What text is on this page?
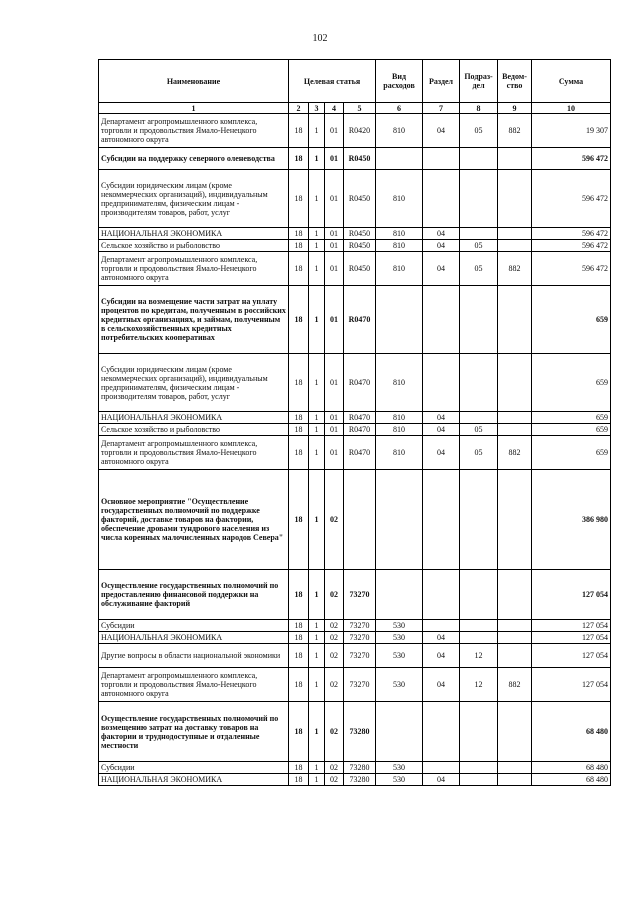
102
Наименование	Целевая статья				Вид расходов	Раздел	Подраз-дел	Ведом-ство	Сумма
1	2	3	4	5	6	7	8	9	10
Департамент агропромышленного комплекса, торговли и продовольствия Ямало-Ненецкого автономного округа	18	1	01	R0420	810	04	05	882	19 307
Субсидии на поддержку северного оленеводства	18	1	01	R0450					596 472
Субсидии юридическим лицам (кроме некоммерческих организаций), индивидуальным предпринимателям, физическим лицам - производителям товаров, работ, услуг	18	1	01	R0450	810				596 472
НАЦИОНАЛЬНАЯ ЭКОНОМИКА	18	1	01	R0450	810	04			596 472
Сельское хозяйство и рыболовство	18	1	01	R0450	810	04	05		596 472
Департамент агропромышленного комплекса, торговли и продовольствия Ямало-Ненецкого автономного округа	18	1	01	R0450	810	04	05	882	596 472
Субсидии на возмещение части затрат на уплату процентов по кредитам, полученным в российских кредитных организациях, и займам, полученным в сельскохозяйственных кредитных потребительских кооперативах	18	1	01	R0470					659
Субсидии юридическим лицам (кроме некоммерческих организаций), индивидуальным предпринимателям, физическим лицам - производителям товаров, работ, услуг	18	1	01	R0470	810				659
НАЦИОНАЛЬНАЯ ЭКОНОМИКА	18	1	01	R0470	810	04			659
Сельское хозяйство и рыболовство	18	1	01	R0470	810	04	05		659
Департамент агропромышленного комплекса, торговли и продовольствия Ямало-Ненецкого автономного округа	18	1	01	R0470	810	04	05	882	659
Основное мероприятие "Осуществление государственных полномочий по поддержке факторий, доставке товаров на фактории, обеспечение дровами тундрового населения из числа коренных малочисленных народов Севера"	18	1	02						386 980
Осуществление государственных полномочий по предоставлению финансовой поддержки на обслуживание факторий	18	1	02	73270					127 054
Субсидии	18	1	02	73270	530				127 054
НАЦИОНАЛЬНАЯ ЭКОНОМИКА	18	1	02	73270	530	04			127 054
Другие вопросы в области национальной экономики	18	1	02	73270	530	04	12		127 054
Департамент агропромышленного комплекса, торговли и продовольствия Ямало-Ненецкого автономного округа	18	1	02	73270	530	04	12	882	127 054
Осуществление государственных полномочий по возмещению затрат на доставку товаров на фактории и труднодоступные и отдаленные местности	18	1	02	73280					68 480
Субсидии	18	1	02	73280	530				68 480
НАЦИОНАЛЬНАЯ ЭКОНОМИКА	18	1	02	73280	530	04			68 480
